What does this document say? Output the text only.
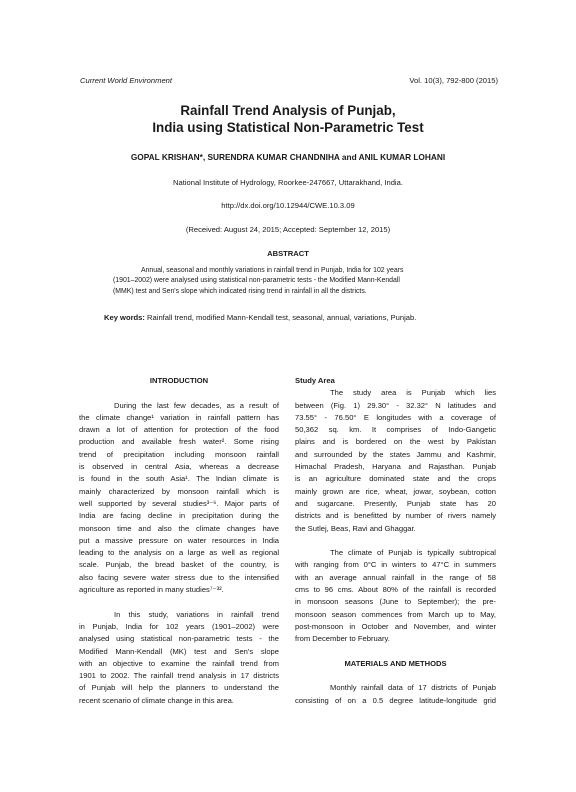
Current World Environment	Vol. 10(3), 792-800 (2015)
Rainfall Trend Analysis of Punjab,
India using Statistical Non-Parametric Test
GOPAL KRISHAN*, SURENDRA KUMAR CHANDNIHA and ANIL KUMAR LOHANI
National Institute of Hydrology, Roorkee-247667, Uttarakhand, India.
http://dx.doi.org/10.12944/CWE.10.3.09
(Received: August 24, 2015; Accepted: September 12, 2015)
ABSTRACT
Annual, seasonal and monthly variations in rainfall trend in Punjab, India for 102 years
(1901–2002) were analysed using statistical non-parametric tests - the Modified Mann-Kendall
(MMK) test and Sen's slope which indicated rising trend in rainfall in all the districts.
Key words: Rainfall trend, modified Mann-Kendall test, seasonal, annual, variations, Punjab.
INTRODUCTION
During the last few decades, as a result of
the climate change¹ variation in rainfall pattern has
drawn a lot of attention for protection of the food
production and available fresh water². Some rising
trend of precipitation including monsoon rainfall
is observed in central Asia, whereas a decrease
is found in the south Asia¹. The Indian climate is
mainly characterized by monsoon rainfall which is
well supported by several studies³⁻⁶. Major parts of
India are facing decline in precipitation during the
monsoon time and also the climate changes have
put a massive pressure on water resources in India
leading to the analysis on a large as well as regional
scale. Punjab, the bread basket of the country, is
also facing severe water stress due to the intensified
agriculture as reported in many studies⁷⁻³².
In this study, variations in rainfall trend
in Punjab, India for 102 years (1901–2002) were
analysed using statistical non-parametric tests - the
Modified Mann-Kendall (MK) test and Sen's slope
with an objective to examine the rainfall trend from
1901 to 2002. The rainfall trend analysis in 17 districts
of Punjab will help the planners to understand the
recent scenario of climate change in this area.
Study Area
The study area is Punjab which lies
between (Fig. 1) 29.30° - 32.32° N latitudes and
73.55° - 76.50° E longitudes with a coverage of
50,362 sq. km. It comprises of Indo-Gangetic
plains and is bordered on the west by Pakistan
and surrounded by the states Jammu and Kashmir,
Himachal Pradesh, Haryana and Rajasthan. Punjab
is an agriculture dominated state and the crops
mainly grown are rice, wheat, jowar, soybean, cotton
and sugarcane. Presently, Punjab state has 20
districts and is benefitted by number of rivers namely
the Sutlej, Beas, Ravi and Ghaggar.
The climate of Punjab is typically subtropical
with ranging from 0°C in winters to 47°C in summers
with an average annual rainfall in the range of 58
cms to 96 cms. About 80% of the rainfall is recorded
in monsoon seasons (June to September); the pre-
monsoon season commences from March up to May,
post-monsoon in October and November, and winter
from December to February.
MATERIALS AND METHODS
Monthly rainfall data of 17 districts of Punjab
consisting of on a 0.5 degree latitude-longitude grid
